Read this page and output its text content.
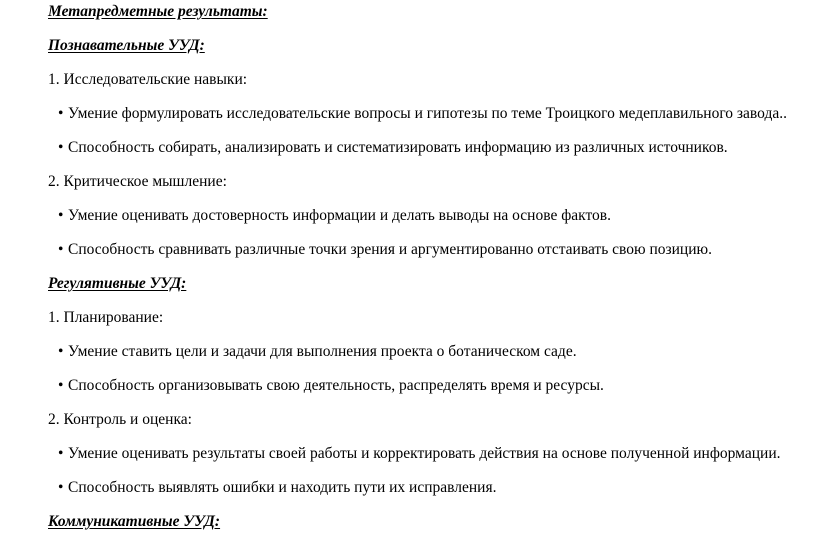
Метапредметные результаты:
Познавательные УУД:
1. Исследовательские навыки:
• Умение формулировать исследовательские вопросы и гипотезы по теме Троицкого медеплавильного завода..
• Способность собирать, анализировать и систематизировать информацию из различных источников.
2. Критическое мышление:
• Умение оценивать достоверность информации и делать выводы на основе фактов.
• Способность сравнивать различные точки зрения и аргументированно отстаивать свою позицию.
Регулятивные УУД:
1. Планирование:
• Умение ставить цели и задачи для выполнения проекта о ботаническом саде.
• Способность организовывать свою деятельность, распределять время и ресурсы.
2. Контроль и оценка:
• Умение оценивать результаты своей работы и корректировать действия на основе полученной информации.
• Способность выявлять ошибки и находить пути их исправления.
Коммуникативные УУД:
